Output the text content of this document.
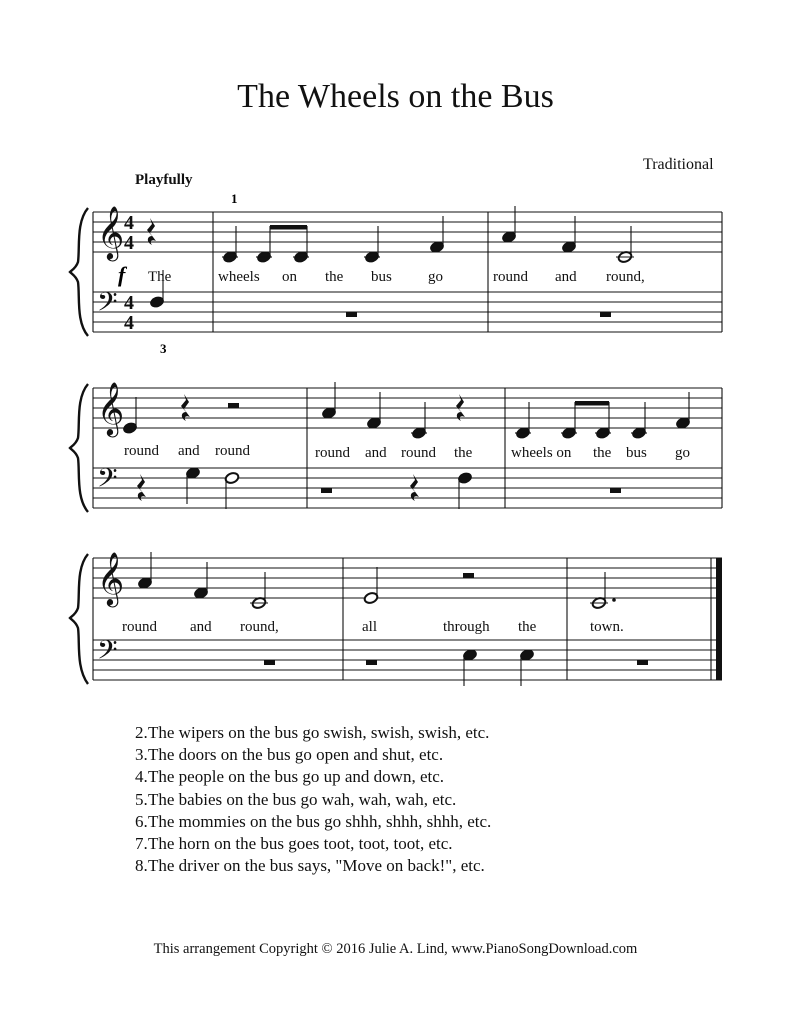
The Wheels on the Bus
Traditional
Playfully
𝄞
𝄢
𝄞
𝄢
𝄞
𝄢
4
4
4
4
1
3
f The	wheels on the bus go	round and round,
round and round	round and round the	wheels on the bus go
round and round,	all	through the	town.
2.The wipers on the bus go swish, swish, swish, etc.
3.The doors on the bus go open and shut, etc.
4.The people on the bus go up and down, etc.
5.The babies on the bus go wah, wah, wah, etc.
6.The mommies on the bus go shhh, shhh, shhh, etc.
7.The horn on the bus goes toot, toot, toot, etc.
8.The driver on the bus says, "Move on back!", etc.
This arrangement Copyright © 2016 Julie A. Lind, www.PianoSongDownload.com
